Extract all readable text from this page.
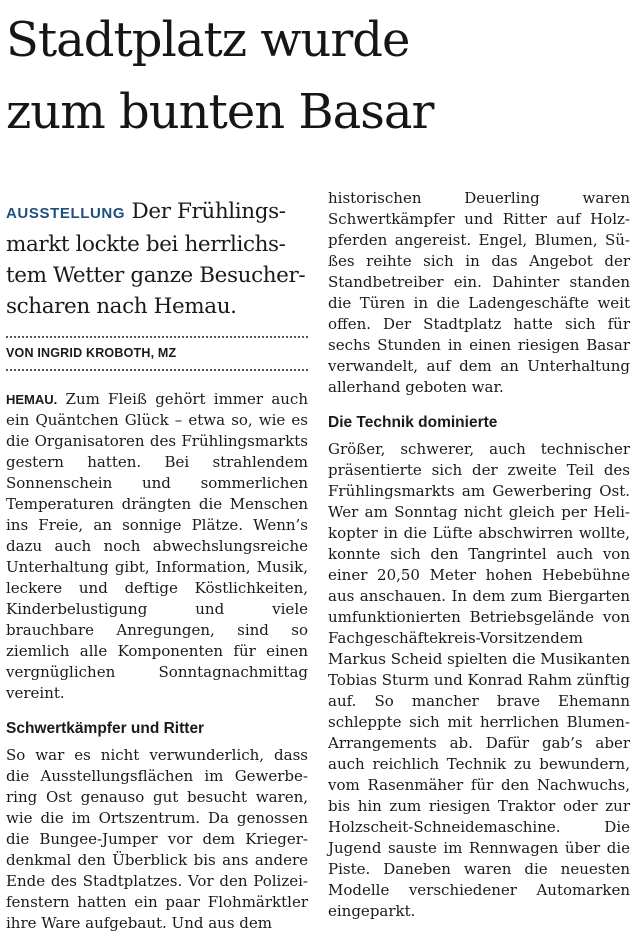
Stadtplatz wurde
zum bunten Basar
AUSSTELLUNG Der Frühlingsmarkt lockte bei herrlichstem Wetter ganze Besucherscharen nach Hemau.
VON INGRID KROBOTH, MZ

HEMAU. Zum Fleiß gehört immer auch ein Quäntchen Glück – etwa so, wie es die Organisatoren des Frühlingsmarkts gestern hatten. Bei strahlendem Sonnenschein und sommerlichen Temperaturen drängten die Menschen ins Freie, an sonnige Plätze. Wenn’s dazu auch noch abwechslungsreiche Unterhaltung gibt, Information, Musik, leckere und deftige Köstlichkeiten, Kinderbelustigung und viele brauchbare Anregungen, sind so ziemlich alle Komponenten für einen vergnüglichen Sonntagnachmittag vereint.

Schwertkämpfer und Ritter

So war es nicht verwunderlich, dass die Ausstellungsflächen im Gewerbering Ost genauso gut besucht waren, wie die im Ortszentrum. Da genossen die Bungee-Jumper vor dem Kriegerdenkmal den Überblick bis ans andere Ende des Stadtplatzes. Vor den Polizeifenstern hatten ein paar Flohmärktler ihre Ware aufgebaut. Und aus dem

historischen Deuerling waren Schwertkämpfer und Ritter auf Holzpferden angereist. Engel, Blumen, Süßes reihte sich in das Angebot der Standbetreiber ein. Dahinter standen die Türen in die Ladengeschäfte weit offen. Der Stadtplatz hatte sich für sechs Stunden in einen riesigen Basar verwandelt, auf dem an Unterhaltung allerhand geboten war.

Die Technik dominierte

Größer, schwerer, auch technischer präsentierte sich der zweite Teil des Frühlingsmarkts am Gewerbering Ost. Wer am Sonntag nicht gleich per Helikopter in die Lüfte abschwirren wollte, konnte sich den Tangrintel auch von einer 20,50 Meter hohen Hebebühne aus anschauen. In dem zum Biergarten umfunktionierten Betriebsgelände von Fachgeschäftekreis-Vorsitzendem Markus Scheid spielten die Musikanten Tobias Sturm und Konrad Rahm zünftig auf. So mancher brave Ehemann schleppte sich mit herrlichen Blumen-Arrangements ab. Dafür gab’s aber auch reichlich Technik zu bewundern, vom Rasenmäher für den Nachwuchs, bis hin zum riesigen Traktor oder zur Holzscheit-Schneidemaschine. Die Jugend sauste im Rennwagen über die Piste. Daneben waren die neuesten Modelle verschiedener Automarken eingeparkt.
